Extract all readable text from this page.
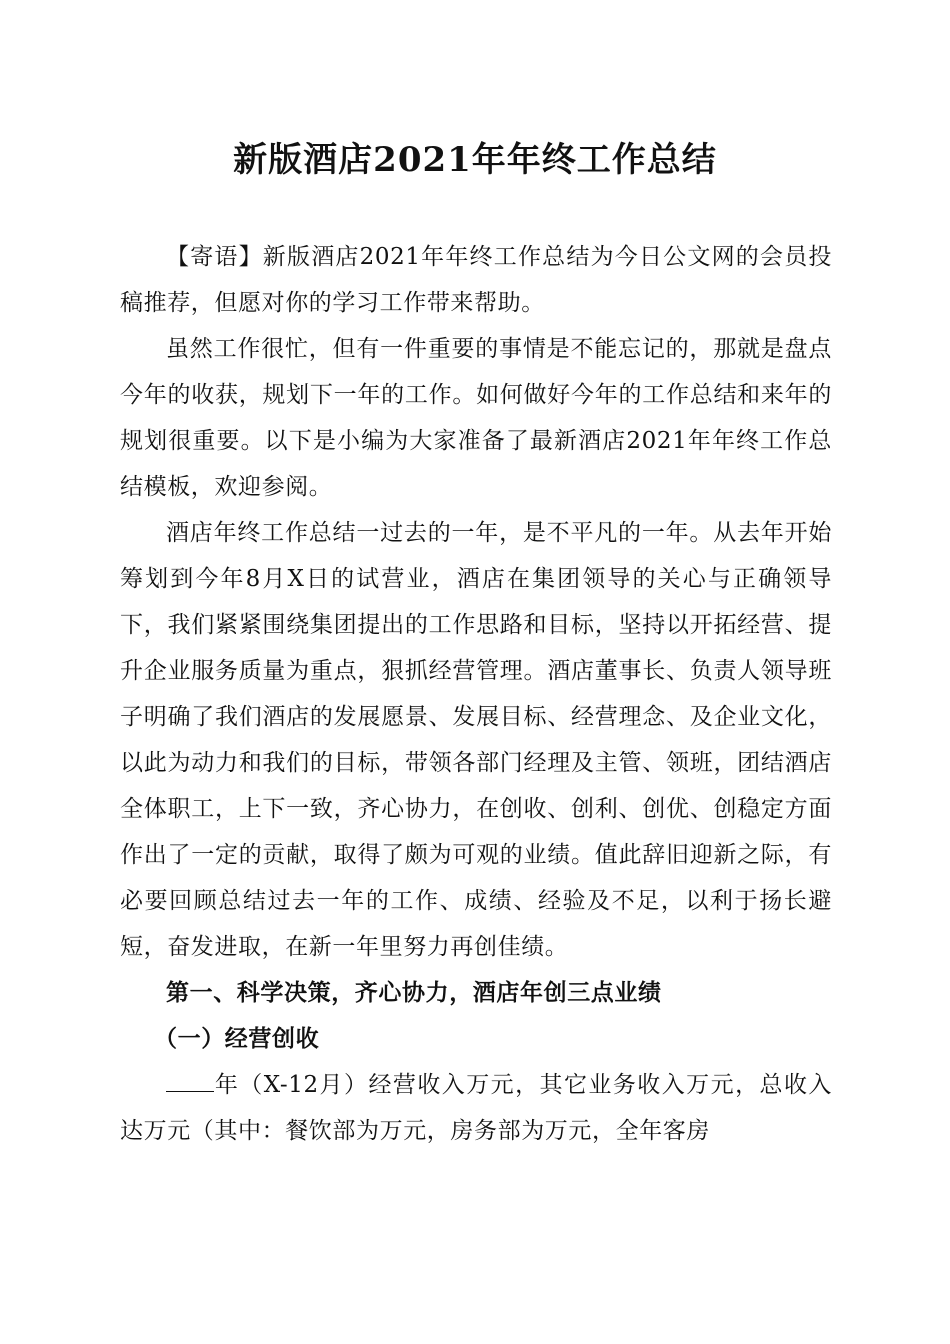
新版酒店2021年年终工作总结

【寄语】新版酒店2021年年终工作总结为今日公文网的会员投稿推荐，但愿对你的学习工作带来帮助。

虽然工作很忙，但有一件重要的事情是不能忘记的，那就是盘点今年的收获，规划下一年的工作。如何做好今年的工作总结和来年的规划很重要。以下是小编为大家准备了最新酒店2021年年终工作总结模板，欢迎参阅。

酒店年终工作总结一过去的一年，是不平凡的一年。从去年开始筹划到今年8月X日的试营业，酒店在集团领导的关心与正确领导下，我们紧紧围绕集团提出的工作思路和目标，坚持以开拓经营、提升企业服务质量为重点，狠抓经营管理。酒店董事长、负责人领导班子明确了我们酒店的发展愿景、发展目标、经营理念、及企业文化，以此为动力和我们的目标，带领各部门经理及主管、领班，团结酒店全体职工，上下一致，齐心协力，在创收、创利、创优、创稳定方面作出了一定的贡献，取得了颇为可观的业绩。值此辞旧迎新之际，有必要回顾总结过去一年的工作、成绩、经验及不足，以利于扬长避短，奋发进取，在新一年里努力再创佳绩。

第一、科学决策，齐心协力，酒店年创三点业绩

（一）经营创收

年（X-12月）经营收入万元，其它业务收入万元，总收入达万元（其中：餐饮部为万元，房务部为万元，全年客房
